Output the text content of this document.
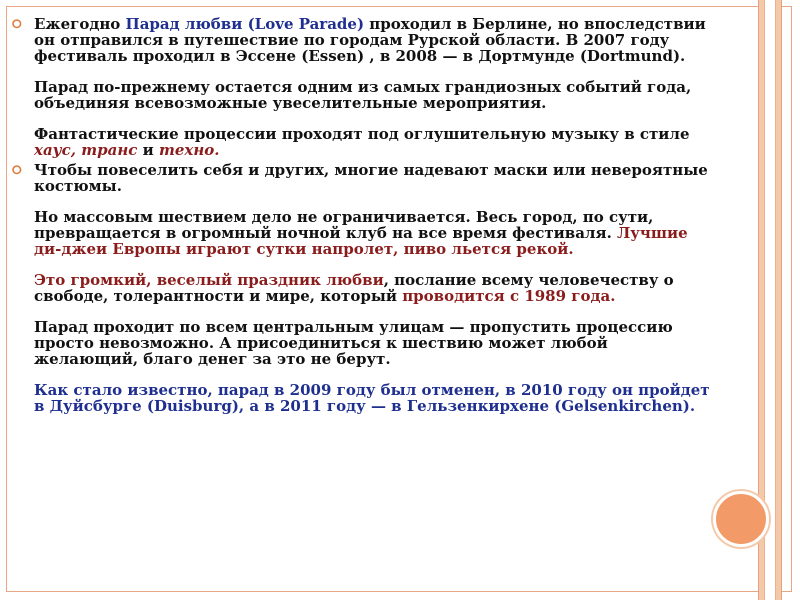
⭘ Ежегодно Парад любви (Love Parade) проходил в Берлине, но впоследствии он отправился в путешествие по городам Рурской области. В 2007 году фестиваль проходил в Эссене (Essen) , в 2008 — в Дортмунде (Dortmund).

Парад по-прежнему остается одним из самых грандиозных событий года, объединяя всевозможные увеселительные мероприятия.

Фантастические процессии проходят под оглушительную музыку в стиле хаус, транс и техно.

⭘ Чтобы повеселить себя и других, многие надевают маски или невероятные костюмы.

Но массовым шествием дело не ограничивается. Весь город, по сути, превращается в огромный ночной клуб на все время фестиваля. Лучшие ди-джеи Европы играют сутки напролет, пиво льется рекой.

Это громкий, веселый праздник любви, послание всему человечеству о свободе, толерантности и мире, который проводится с 1989 года.

Парад проходит по всем центральным улицам — пропустить процессию просто невозможно. А присоединиться к шествию может любой желающий, благо денег за это не берут.

Как стало известно, парад в 2009 году был отменен, в 2010 году он пройдет в Дуйсбурге (Duisburg), а в 2011 году — в Гельзенкирхене (Gelsenkirchen).
